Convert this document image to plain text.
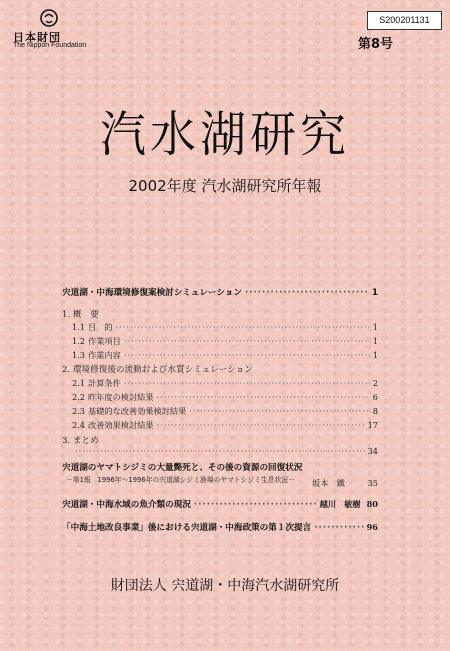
日本財団
The Nippon Foundation
S200201131
第8号
汽水湖研究
2002年度 汽水湖研究所年報
宍道湖・中海環境修復案検討シミュレーション ·····	1
1. 概　要
1.1 目　的 ·····	1
1.2 作業項目 ·····	1
1.3 作業内容 ·····	1
2. 環境修復後の流動および水質シミュレーション
2.1 計算条件 ·····	2
2.2 昨年度の検討結果 ·····	6
2.3 基礎的な改善効果検討結果 ·····	8
2.4 改善効果検討結果 ·····	17
3. まとめ
·····
34
宍道湖のヤマトシジミの大量斃死と、その後の資源の回復状況
－第1報　1996年～1996年の宍道湖シジミ漁場のヤマトシジミ生息状況－ 坂本　鐵	35
宍道湖・中海水域の魚介類の現況 ·····	越川　敏樹 80
「中海土地改良事業」後における宍道湖・中海政策の第１次提言 ·····	96
財団法人 宍道湖・中海汽水湖研究所
